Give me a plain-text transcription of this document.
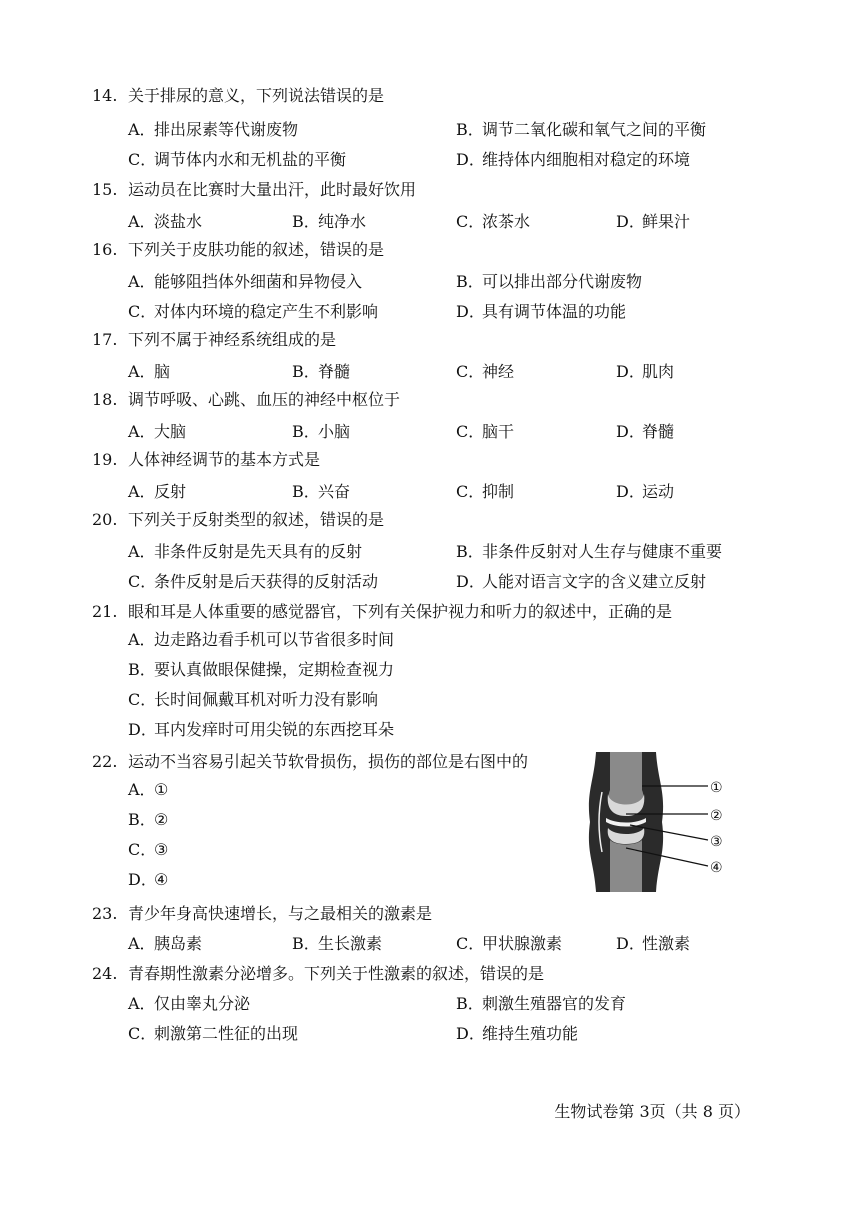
14. 关于排尿的意义，下列说法错误的是
A．排出尿素等代谢废物	B．调节二氧化碳和氧气之间的平衡
C．调节体内水和无机盐的平衡	D．维持体内细胞相对稳定的环境
15. 运动员在比赛时大量出汗，此时最好饮用
A．淡盐水	B．纯净水	C．浓茶水	D．鲜果汁
16. 下列关于皮肤功能的叙述，错误的是
A．能够阻挡体外细菌和异物侵入	B．可以排出部分代谢废物
C．对体内环境的稳定产生不利影响	D．具有调节体温的功能
17. 下列不属于神经系统组成的是
A．脑	B．脊髓	C．神经	D．肌肉
18. 调节呼吸、心跳、血压的神经中枢位于
A．大脑	B．小脑	C．脑干	D．脊髓
19. 人体神经调节的基本方式是
A．反射	B．兴奋	C．抑制	D．运动
20. 下列关于反射类型的叙述，错误的是
A．非条件反射是先天具有的反射	B．非条件反射对人生存与健康不重要
C．条件反射是后天获得的反射活动	D．人能对语言文字的含义建立反射
21. 眼和耳是人体重要的感觉器官，下列有关保护视力和听力的叙述中，正确的是
A．边走路边看手机可以节省很多时间
B．要认真做眼保健操，定期检查视力
C．长时间佩戴耳机对听力没有影响
D．耳内发痒时可用尖锐的东西挖耳朵
22. 运动不当容易引起关节软骨损伤，损伤的部位是右图中的
A．①
B．②
C．③
D．④
23. 青少年身高快速增长，与之最相关的激素是
A．胰岛素	B．生长激素	C．甲状腺激素	D．性激素
24. 青春期性激素分泌增多。下列关于性激素的叙述，错误的是
A．仅由睾丸分泌	B．刺激生殖器官的发育
C．刺激第二性征的出现	D．维持生殖功能
①
②
③
④
生物试卷第 3页（共 8 页）
